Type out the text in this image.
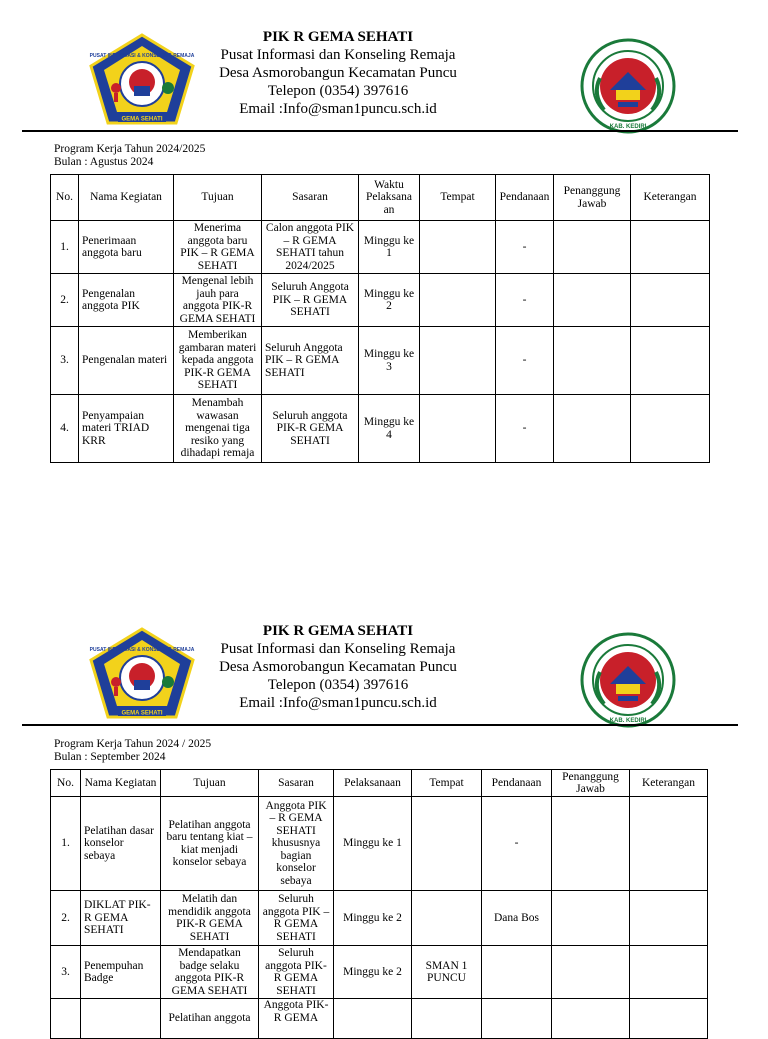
GEMA SEHATI
PUSAT INFORMASI & KONSELING REMAJA
PIK R GEMA SEHATI
Pusat Informasi dan Konseling Remaja
Desa Asmorobangun Kecamatan Puncu
Telepon (0354) 397616
Email :Info@sman1puncu.sch.id
KAB. KEDIRI
Program Kerja Tahun 2024/2025
Bulan : Agustus 2024
No.	Nama Kegiatan	Tujuan	Sasaran	Waktu Pelaksana an	Tempat	Pendanaan	Penanggung Jawab	Keterangan
1.	Penerimaan anggota baru	Menerima anggota baru PIK – R GEMA SEHATI	Calon anggota PIK – R GEMA SEHATI tahun 2024/2025	Minggu ke 1		-		
2.	Pengenalan anggota PIK	Mengenal lebih jauh para anggota PIK-R GEMA SEHATI	Seluruh Anggota PIK – R GEMA SEHATI	Minggu ke 2		-		
3.	Pengenalan materi	Memberikan gambaran materi kepada anggota PIK-R GEMA SEHATI	Seluruh Anggota PIK – R GEMA SEHATI	Minggu ke 3		-		
4.	Penyampaian materi TRIAD KRR	Menambah wawasan mengenai tiga resiko yang dihadapi remaja	Seluruh anggota PIK-R GEMA SEHATI	Minggu ke 4		-		
GEMA SEHATI
PUSAT INFORMASI & KONSELING REMAJA
PIK R GEMA SEHATI
Pusat Informasi dan Konseling Remaja
Desa Asmorobangun Kecamatan Puncu
Telepon (0354) 397616
Email :Info@sman1puncu.sch.id
KAB. KEDIRI
Program Kerja Tahun 2024 / 2025
Bulan : September 2024
No.	Nama Kegiatan	Tujuan	Sasaran	Pelaksanaan	Tempat	Pendanaan	Penanggung Jawab	Keterangan
1.	Pelatihan dasar konselor sebaya	Pelatihan anggota baru tentang kiat – kiat menjadi konselor sebaya	Anggota PIK – R GEMA SEHATI khususnya bagian konselor sebaya	Minggu ke 1		-		
2.	DIKLAT PIK-R GEMA SEHATI	Melatih dan mendidik anggota PIK-R GEMA SEHATI	Seluruh anggota PIK – R GEMA SEHATI	Minggu ke 2		Dana Bos		
3.	Penempuhan Badge	Mendapatkan badge selaku anggota PIK-R GEMA SEHATI	Seluruh anggota PIK-R GEMA SEHATI	Minggu ke 2	SMAN 1 PUNCU			
		Pelatihan anggota	Anggota PIK-R GEMA					
